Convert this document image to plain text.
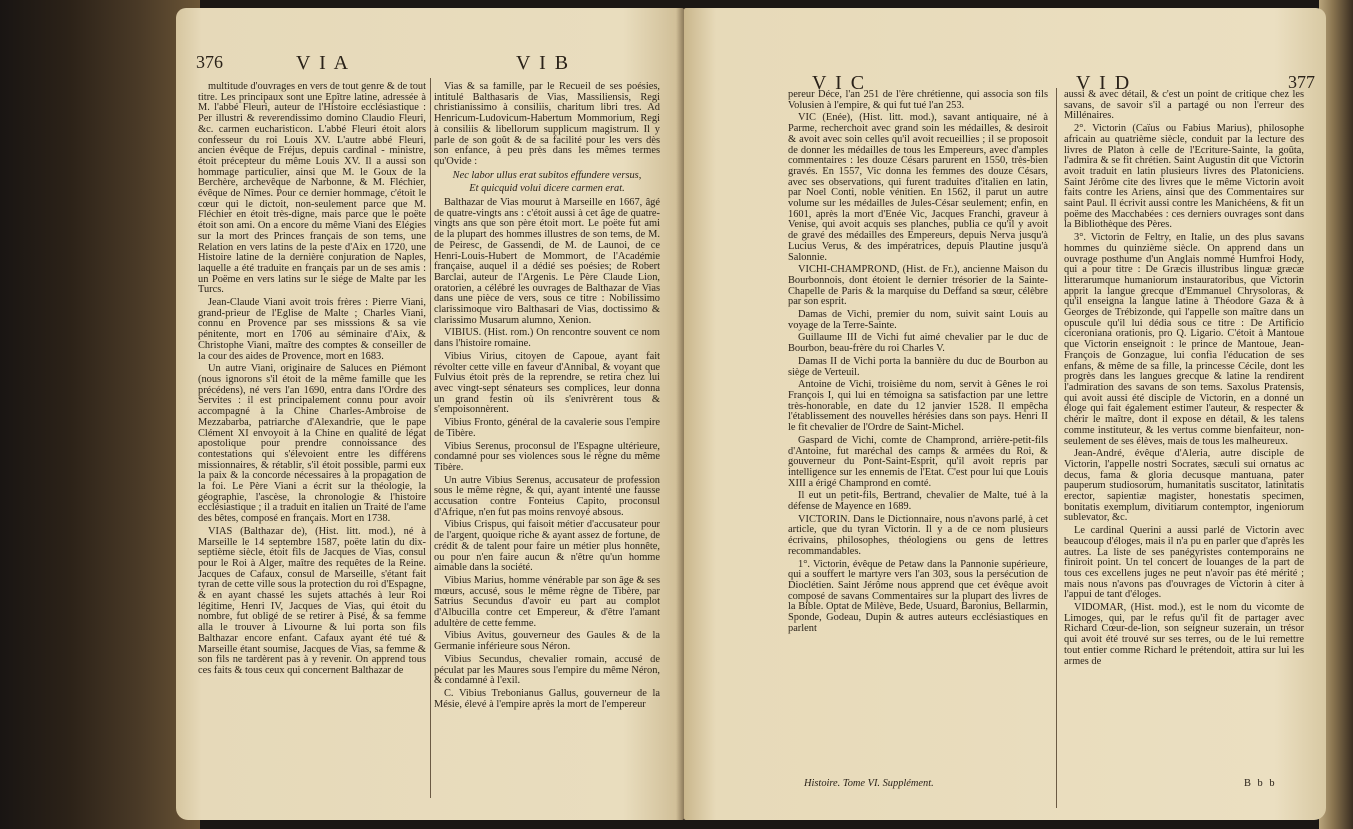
376	V I A	V I B

multitude d'ouvrages en vers de tout genre & de tout titre. Les principaux sont une Epître latine, adressée à M. l'abbé Fleuri, auteur de l'Histoire ecclésiastique : Per illustri & reverendissimo domino Claudio Fleuri, &c. carmen eucharisticon. L'abbé Fleuri étoit alors confesseur du roi Louis XV. L'autre abbé Fleuri, ancien évêque de Fréjus, depuis cardinal - ministre, étoit précepteur du même Louis XV. Il a aussi son hommage particulier, ainsi que M. le Goux de la Berchère, archevêque de Narbonne, & M. Fléchier, évêque de Nîmes. Pour ce dernier hommage, c'étoit le cœur qui le dictoit, non-seulement parce que M. Fléchier en étoit très-digne, mais parce que le poëte étoit son ami. On a encore du même Viani des Elégies sur la mort des Princes français de son tems, une Relation en vers latins de la peste d'Aix en 1720, une Histoire latine de la dernière conjuration de Naples, laquelle a été traduite en français par un de ses amis : un Poëme en vers latins sur le siége de Malte par les Turcs.

Jean-Claude Viani avoit trois frères : Pierre Viani, grand-prieur de l'Eglise de Malte ; Charles Viani, connu en Provence par ses misssions & sa vie pénitente, mort en 1706 au séminaire d'Aix, & Christophe Viani, maître des comptes & conseiller de la cour des aides de Provence, mort en 1683.

Un autre Viani, originaire de Saluces en Piémont (nous ignorons s'il étoit de la même famille que les précédens), né vers l'an 1690, entra dans l'Ordre des Servites : il est principalement connu pour avoir accompagné à la Chine Charles-Ambroise de Mezzabarba, patriarche d'Alexandrie, que le pape Clément XI envoyoit à la Chine en qualité de légat apostolique pour prendre connoissance des contestations qui s'élevoient entre les différens missionnaires, & rétablir, s'il étoit possible, parmi eux la paix & la concorde nécessaires à la propagation de la foi. Le Père Viani a écrit sur la théologie, la géographie, l'ascèse, la chronologie & l'histoire ecclésiastique ; il a traduit en italien un Traité de l'ame des bêtes, composé en français. Mort en 1738.

VIAS (Balthazar de), (Hist. litt. mod.), né à Marseille le 14 septembre 1587, poëte latin du dix-septième siècle, étoit fils de Jacques de Vias, consul pour le Roi à Alger, maître des requêtes de la Reine. Jacques de Cafaux, consul de Marseille, s'étant fait tyran de cette ville sous la protection du roi d'Espagne, & en ayant chassé les sujets attachés à leur Roi légitime, Henri IV, Jacques de Vias, qui étoit du nombre, fut obligé de se retirer à Pisé, & sa femme alla le trouver à Livourne & lui porta son fils Balthazar encore enfant. Cafaux ayant été tué & Marseille étant soumise, Jacques de Vias, sa femme & son fils ne tardèrent pas à y revenir. On apprend tous ces faits & tous ceux qui concernent Balthazar de

Vias & sa famille, par le Recueil de ses poésies, intitulé Balthasaris de Vias, Massiliensis, Regi christianissimo à consiliis, charitum libri tres. Ad Henricum-Ludovicum-Habertum Mommorium, Regi à consiliis & libellorum supplicum magistrum. Il y parle de son goût & de sa facilité pour les vers dès son enfance, à peu près dans les mêmes termes qu'Ovide :

Nec labor ullus erat subitos effundere versus,

Et quicquid volui dicere carmen erat.

Balthazar de Vias mourut à Marseille en 1667, âgé de quatre-vingts ans : c'étoit aussi à cet âge de quatre-vingts ans que son père étoit mort. Le poëte fut ami de la plupart des hommes illustres de son tems, de M. de Peiresc, de Gassendi, de M. de Launoi, de ce Henri-Louis-Hubert de Mommort, de l'Académie française, auquel il a dédié ses poésies; de Robert Barclai, auteur de l'Argenis. Le Père Claude Lion, oratorien, a célébré les ouvrages de Balthazar de Vias dans une pièce de vers, sous ce titre : Nobilissimo clarissimoque viro Balthasari de Vias, doctissimo & clarissimo Musarum alumno, Xenion.

VIBIUS. (Hist. rom.) On rencontre souvent ce nom dans l'histoire romaine.

Vibius Virius, citoyen de Capoue, ayant fait révolter cette ville en faveur d'Annibal, & voyant que Fulvius étoit près de la reprendre, se retira chez lui avec vingt-sept sénateurs ses complices, leur donna un grand festin où ils s'enivrèrent tous & s'empoisonnèrent.

Vibius Fronto, général de la cavalerie sous l'empire de Tibère.

Vibius Serenus, proconsul de l'Espagne ultérieure, condamné pour ses violences sous le règne du même Tibère.

Un autre Vibius Serenus, accusateur de profession sous le même règne, & qui, ayant intenté une fausse accusation contre Fonteius Capito, proconsul d'Afrique, n'en fut pas moins renvoyé absous.

Vibius Crispus, qui faisoit métier d'accusateur pour de l'argent, quoique riche & ayant assez de fortune, de crédit & de talent pour faire un métier plus honnête, ou pour n'en faire aucun & n'être qu'un homme aimable dans la société.

Vibius Marius, homme vénérable par son âge & ses mœurs, accusé, sous le même règne de Tibère, par Satrius Secundus d'avoir eu part au complot d'Albucilla contre cet Empereur, & d'être l'amant adultère de cette femme.

Vibius Avitus, gouverneur des Gaules & de la Germanie inférieure sous Néron.

Vibius Secundus, chevalier romain, accusé de péculat par les Maures sous l'empire du même Néron, & condamné à l'exil.

C. Vibius Trebonianus Gallus, gouverneur de la Mésie, élevé à l'empire après la mort de l'empereur

V I C	V I D	377

pereur Déce, l'an 251 de l'ère chrétienne, qui associa son fils Volusien à l'empire, & qui fut tué l'an 253.

VIC (Enée), (Hist. litt. mod.), savant antiquaire, né à Parme, recherchoit avec grand soin les médailles, & desiroit & avoit avec soin celles qu'il avoit recueillies ; il se proposoit de donner les médailles de tous les Empereurs, avec d'amples commentaires : les douze Césars parurent en 1550, très-bien gravés. En 1557, Vic donna les femmes des douze Césars, avec ses observations, qui furent traduites d'italien en latin, par Noel Conti, noble vénitien. En 1562, il parut un autre volume sur les médailles de Jules-César seulement; enfin, en 1601, après la mort d'Enée Vic, Jacques Franchi, graveur à Venise, qui avoit acquis ses planches, publia ce qu'il y avoit de gravé des médailles des Empereurs, depuis Nerva jusqu'à Lucius Verus, & des impératrices, depuis Plautine jusqu'à Salonnie.

VICHI-CHAMPROND, (Hist. de Fr.), ancienne Maison du Bourbonnois, dont étoient le dernier trésorier de la Sainte-Chapelle de Paris & la marquise du Deffand sa sœur, célèbre par son esprit.

Damas de Vichi, premier du nom, suivit saint Louis au voyage de la Terre-Sainte.

Guillaume III de Vichi fut aimé chevalier par le duc de Bourbon, beau-frère du roi Charles V.

Damas II de Vichi porta la bannière du duc de Bourbon au siège de Verteuil.

Antoine de Vichi, troisième du nom, servit à Gênes le roi François I, qui lui en témoigna sa satisfaction par une lettre très-honorable, en date du 12 janvier 1528. Il empêcha l'établissement des nouvelles hérésies dans son pays. Henri II le fit chevalier de l'Ordre de Saint-Michel.

Gaspard de Vichi, comte de Champrond, arrière-petit-fils d'Antoine, fut maréchal des camps & armées du Roi, & gouverneur du Pont-Saint-Esprit, qu'il avoit repris par intelligence sur les ennemis de l'Etat. C'est pour lui que Louis XIII a érigé Champrond en comté.

Il eut un petit-fils, Bertrand, chevalier de Malte, tué à la défense de Mayence en 1689.

VICTORIN. Dans le Dictionnaire, nous n'avons parlé, à cet article, que du tyran Victorin. Il y a de ce nom plusieurs écrivains, philosophes, théologiens ou gens de lettres recommandables.

1°. Victorin, évêque de Petaw dans la Pannonie supérieure, qui a souffert le martyre vers l'an 303, sous la persécution de Dioclétien. Saint Jérôme nous apprend que cet évêque avoit composé de savans Commentaires sur la plupart des livres de la Bible. Optat de Milève, Bede, Usuard, Baronius, Bellarmin, Sponde, Godeau, Dupin & autres auteurs ecclésiastiques en parlent

aussi & avec détail, & c'est un point de critique chez les savans, de savoir s'il a partagé ou non l'erreur des Millénaires.

2°. Victorin (Caïus ou Fabius Marius), philosophe africain au quatrième siècle, conduit par la lecture des livres de Platon à celle de l'Ecriture-Sainte, la goûta, l'admira & se fit chrétien. Saint Augustin dit que Victorin avoit traduit en latin plusieurs livres des Platoniciens. Saint Jérôme cite des livres que le même Victorin avoit faits contre les Ariens, ainsi que des Commentaires sur saint Paul. Il écrivit aussi contre les Manichéens, & fit un poëme des Macchabées : ces derniers ouvrages sont dans la Bibliothèque des Pères.

3°. Victorin de Feltry, en Italie, un des plus savans hommes du quinzième siècle. On apprend dans un ouvrage posthume d'un Anglais nommé Humfroi Hody, qui a pour titre : De Græcis illustribus linguæ græcæ litterarumque humaniorum instauratoribus, que Victorin apprit la langue grecque d'Emmanuel Chrysoloras, & qu'il enseigna la langue latine à Théodore Gaza & à Georges de Trébizonde, qui l'appelle son maître dans un opuscule qu'il lui dédia sous ce titre : De Artificio ciceroniana orationis, pro Q. Ligario. C'étoit à Mantoue que Victorin enseignoit : le prince de Mantoue, Jean-François de Gonzague, lui confia l'éducation de ses enfans, & même de sa fille, la princesse Cécile, dont les progrès dans les langues grecque & latine la rendirent l'admiration des savans de son tems. Saxolus Pratensis, qui avoit aussi été disciple de Victorin, en a donné un éloge qui fait également estimer l'auteur, & respecter & chérir le maître, dont il expose en détail, & les talens comme instituteur, & les vertus comme bienfaiteur, non-seulement de ses élèves, mais de tous les malheureux.

Jean-André, évêque d'Aleria, autre disciple de Victorin, l'appelle nostri Socrates, sæculi sui ornatus ac decus, fama & gloria decusque mantuana, pater pauperum studiosorum, humanitatis suscitator, latinitatis erector, sapientiæ magister, honestatis specimen, bonitatis exemplum, divitiarum contemptor, ingeniorum sublevator, &c.

Le cardinal Querini a aussi parlé de Victorin avec beaucoup d'éloges, mais il n'a pu en parler que d'après les autres. La liste de ses panégyristes contemporains ne finiroit point. Un tel concert de louanges de la part de tous ces excellens juges ne peut n'avoir pas été mérité ; mais nous n'avons pas d'ouvrages de Victorin à citer à l'appui de tant d'éloges.

VIDOMAR, (Hist. mod.), est le nom du vicomte de Limoges, qui, par le refus qu'il fit de partager avec Richard Cœur-de-lion, son seigneur suzerain, un trésor qui avoit été trouvé sur ses terres, ou de le lui remettre tout entier comme Richard le prétendoit, attira sur lui les armes de

Histoire. Tome VI. Supplément.	B b b
